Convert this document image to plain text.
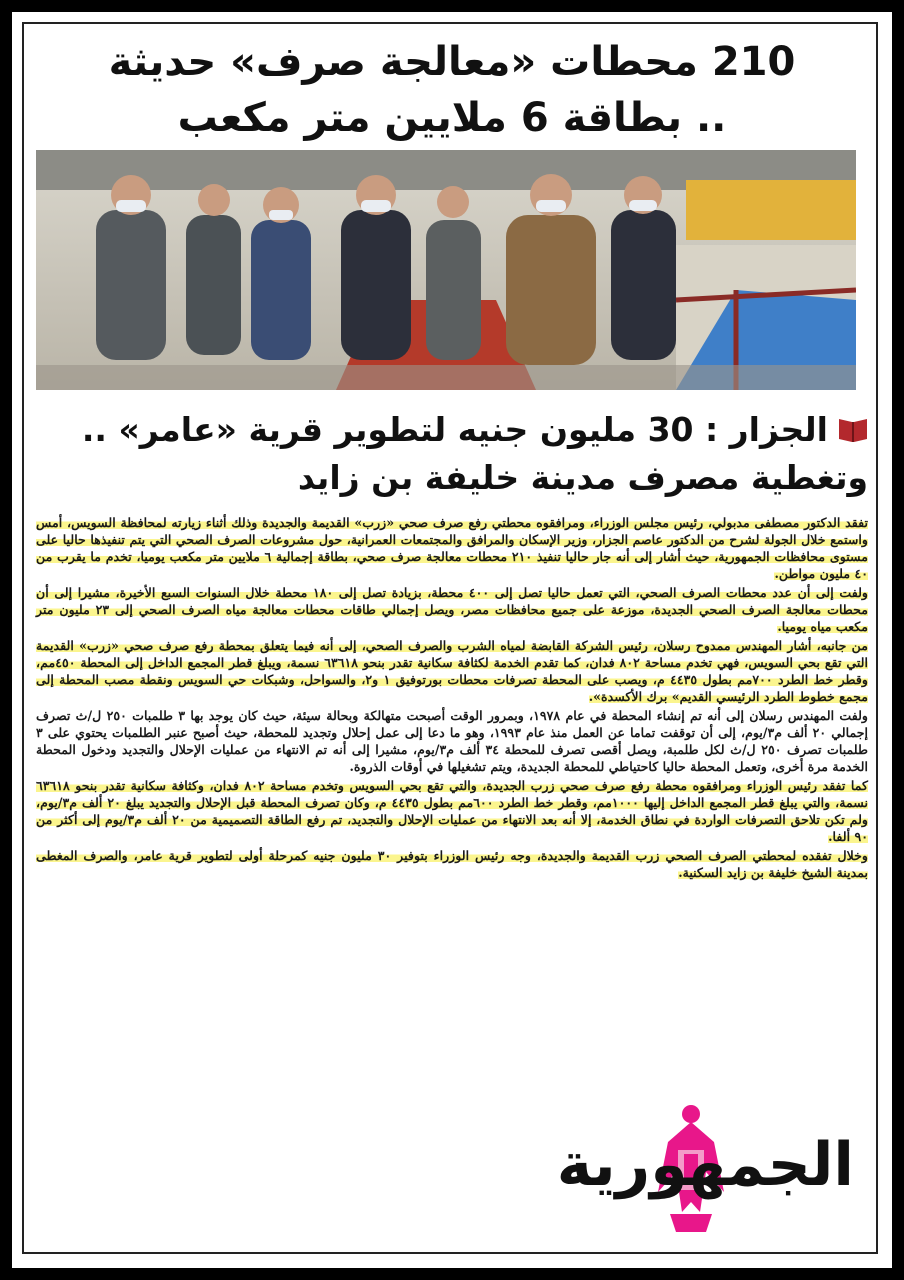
210 محطات «معالجة صرف» حديثة
.. بطاقة 6 ملايين متر مكعب
الجزار : 30 مليون جنيه لتطوير قرية «عامر» ..
وتغطية مصرف مدينة خليفة بن زايد

تفقد الدكتور مصطفى مدبولي، رئيس مجلس الوزراء، ومرافقوه محطتي رفع صرف صحي «زرب» القديمة والجديدة وذلك أثناء زيارته لمحافظة السويس، أمس واستمع خلال الجولة لشرح من الدكتور عاصم الجزار، وزير الإسكان والمرافق والمجتمعات العمرانية، حول مشروعات الصرف الصحي التي يتم تنفيذها حاليا على مستوى محافظات الجمهورية، حيث أشار إلى أنه جار حاليا تنفيذ ٢١٠ محطات معالجة صرف صحي، بطاقة إجمالية ٦ ملايين متر مكعب يوميا، تخدم ما يقرب من ٤٠ مليون مواطن.

ولفت إلى أن عدد محطات الصرف الصحي، التي تعمل حاليا تصل إلى ٤٠٠ محطة، بزيادة تصل إلى ١٨٠ محطة خلال السنوات السبع الأخيرة، مشيرا إلى أن محطات معالجة الصرف الصحي الجديدة، موزعة على جميع محافظات مصر، ويصل إجمالي طاقات محطات معالجة مياه الصرف الصحي إلى ٢٣ مليون متر مكعب مياه يوميا.

من جانبه، أشار المهندس ممدوح رسلان، رئيس الشركة القابضة لمياه الشرب والصرف الصحي، إلى أنه فيما يتعلق بمحطة رفع صرف صحي «زرب» القديمة التي تقع بحي السويس، فهي تخدم مساحة ٨٠٢ فدان، كما تقدم الخدمة لكثافة سكانية تقدر بنحو ٦٣٦١٨ نسمة، ويبلغ قطر المجمع الداخل إلى المحطة ٤٥٠مم، وقطر خط الطرد ٧٠٠مم بطول ٤٤٣٥ م، ويصب على المحطة تصرفات محطات بورتوفيق ١ و٢، والسواحل، وشبكات حي السويس ونقطة مصب المحطة إلى مجمع خطوط الطرد الرئيسي القديم» برك الأكسدة».

ولفت المهندس رسلان إلى أنه تم إنشاء المحطة في عام ١٩٧٨، وبمرور الوقت أصبحت متهالكة وبحالة سيئة، حيث كان يوجد بها ٣ طلمبات ٢٥٠ ل/ث تصرف إجمالي ٢٠ ألف م٣/يوم، إلى أن توقفت تماما عن العمل منذ عام ١٩٩٣، وهو ما دعا إلى عمل إحلال وتجديد للمحطة، حيث أصبح عنبر الطلمبات يحتوي على ٣ طلمبات تصرف ٢٥٠ ل/ث لكل طلمبة، ويصل أقصى تصرف للمحطة ٣٤ ألف م٣/يوم، مشيرا إلى أنه تم الانتهاء من عمليات الإحلال والتجديد ودخول المحطة الخدمة مرة أخرى، وتعمل المحطة حاليا كاحتياطي للمحطة الجديدة، ويتم تشغيلها في أوقات الذروة.

كما تفقد رئيس الوزراء ومرافقوه محطة رفع صرف صحي زرب الجديدة، والتي تقع بحي السويس وتخدم مساحة ٨٠٢ فدان، وكثافة سكانية تقدر بنحو ٦٣٦١٨ نسمة، والتي يبلغ قطر المجمع الداخل إليها ١٠٠٠مم، وقطر خط الطرد ٦٠٠مم بطول ٤٤٣٥ م، وكان تصرف المحطة قبل الإحلال والتجديد يبلغ ٢٠ ألف م٣/يوم، ولم تكن تلاحق التصرفات الواردة في نطاق الخدمة، إلا أنه بعد الانتهاء من عمليات الإحلال والتجديد، تم رفع الطاقة التصميمية من ٢٠ ألف م٣/يوم إلى أكثر من ٩٠ ألفا.

وخلال تفقده لمحطتي الصرف الصحي زرب القديمة والجديدة، وجه رئيس الوزراء بتوفير ٣٠ مليون جنيه كمرحلة أولى لتطوير قرية عامر، والصرف المغطى بمدينة الشيخ خليفة بن زايد السكنية.

الجمهورية
